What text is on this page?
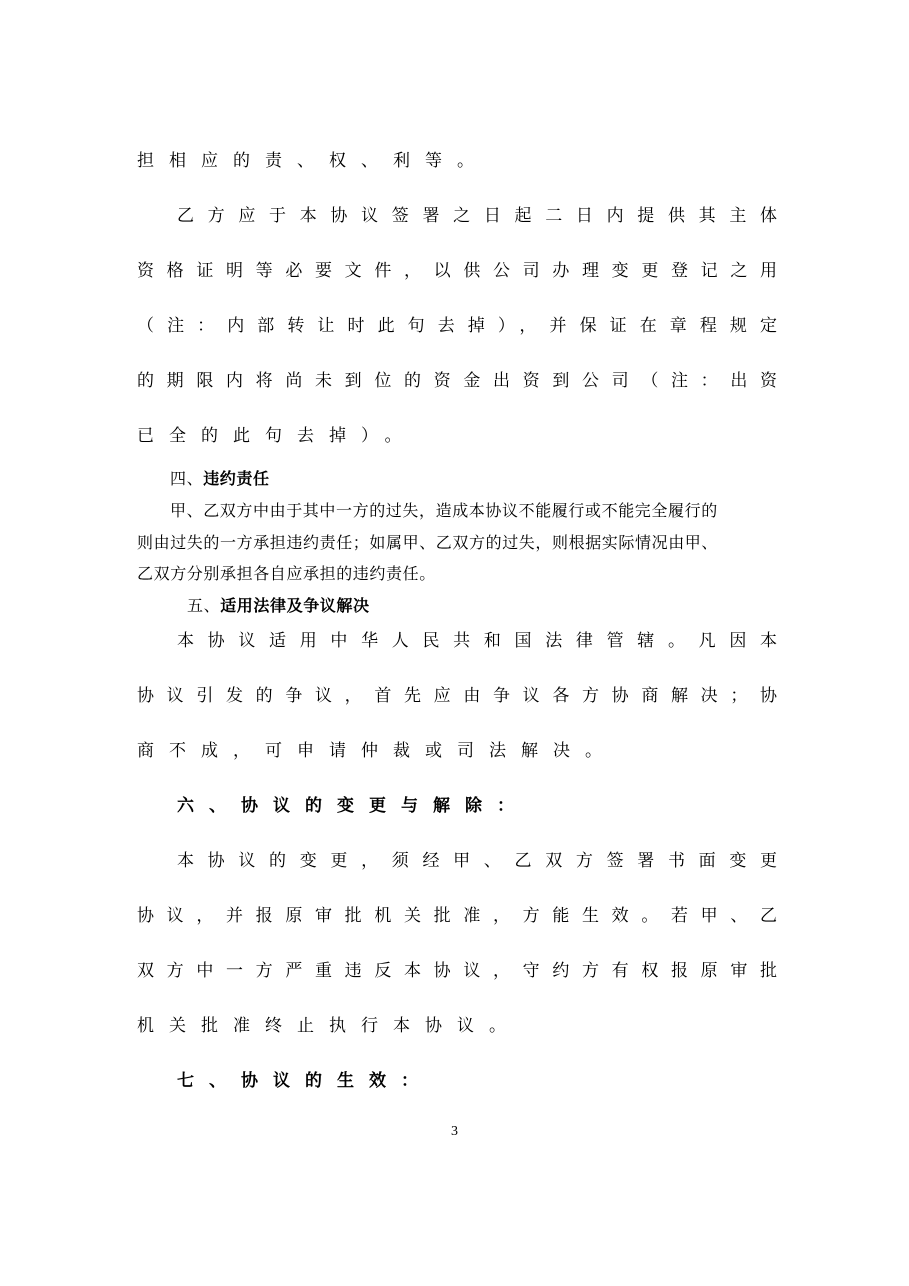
担相应的责、权、利等。
乙方应于本协议签署之日起二日内提供其主体
资格证明等必要文件，以供公司办理变更登记之用
（注：内部转让时此句去掉），并保证在章程规定
的期限内将尚未到位的资金出资到公司（注：出资
已全的此句去掉）。
四、违约责任
甲、乙双方中由于其中一方的过失，造成本协议不能履行或不能完全履行的
则由过失的一方承担违约责任；如属甲、乙双方的过失，则根据实际情况由甲、
乙双方分别承担各自应承担的违约责任。
五、适用法律及争议解决
本协议适用中华人民共和国法律管辖。凡因本
协议引发的争议，首先应由争议各方协商解决；协
商不成，可申请仲裁或司法解决。
六、协议的变更与解除：
本协议的变更，须经甲、乙双方签署书面变更
协议，并报原审批机关批准，方能生效。若甲、乙
双方中一方严重违反本协议，守约方有权报原审批
机关批准终止执行本协议。
七、协议的生效：
3
